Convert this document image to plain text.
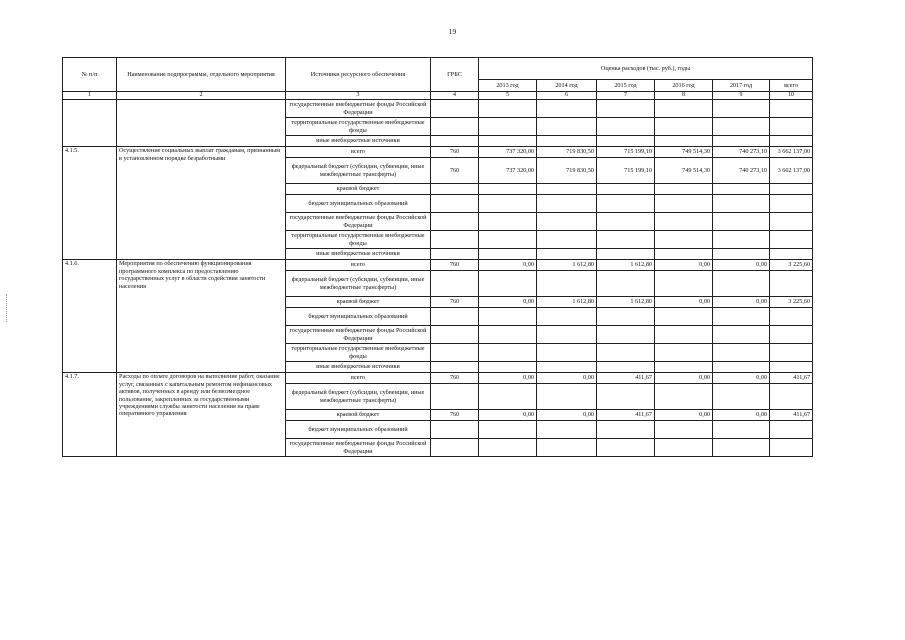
19
№ п/п	Наименование подпрограммы, отдельного мероприятия	Источники ресурсного обеспечения	ГРБС	Оценка расходов (тыс. руб.), годы					
				2013 год	2014 год	2015 год	2016 год	2017 год	всего
1	2	3	4	5	6	7	8	9	10
		государственные внебюджетные фонды Российской Федерации							
		территориальные государственные внебюджетные фонды							
		иные внебюджетные источники							
4.1.5.	Осуществление социальных выплат гражданам, признанным в установленном порядке безработными	всего	760	737 320,00	719 830,50	715 199,10	749 514,30	740 273,10	3 662 137,00
		федеральный бюджет (субсидии, субвенции, иные межбюджетные трансферты)	760	737 320,00	719 830,50	715 199,10	749 514,30	740 273,10	3 662 137,00
		краевой бюджет							
		бюджет муниципальных образований							
		государственные внебюджетные фонды Российской Федерации							
		территориальные государственные внебюджетные фонды							
		иные внебюджетные источники							
4.1.6.	Мероприятия по обеспечению функционирования программного комплекса по предоставлению государственных услуг в области содействия занятости населения	всего	760	0,00	1 612,80	1 612,80	0,00	0,00	3 225,60
		федеральный бюджет (субсидии, субвенции, иные межбюджетные трансферты)							
		краевой бюджет	760	0,00	1 612,80	1 612,80	0,00	0,00	3 225,60
		бюджет муниципальных образований							
		государственные внебюджетные фонды Российской Федерации							
		территориальные государственные внебюджетные фонды							
		иные внебюджетные источники							
4.1.7.	Расходы по оплате договоров на выполнение работ, оказание услуг, связанных с капитальным ремонтом нефинансовых активов, полученных в аренду или безвозмездное пользование, закрепленных за государственными учреждениями службы занятости населения на праве оперативного управления	всего	760	0,00	0,00	411,67	0,00	0,00	411,67
		федеральный бюджет (субсидии, субвенции, иные межбюджетные трансферты)							
		краевой бюджет	760	0,00	0,00	411,67	0,00	0,00	411,67
		бюджет муниципальных образований							
		государственные внебюджетные фонды Российской Федерации							
